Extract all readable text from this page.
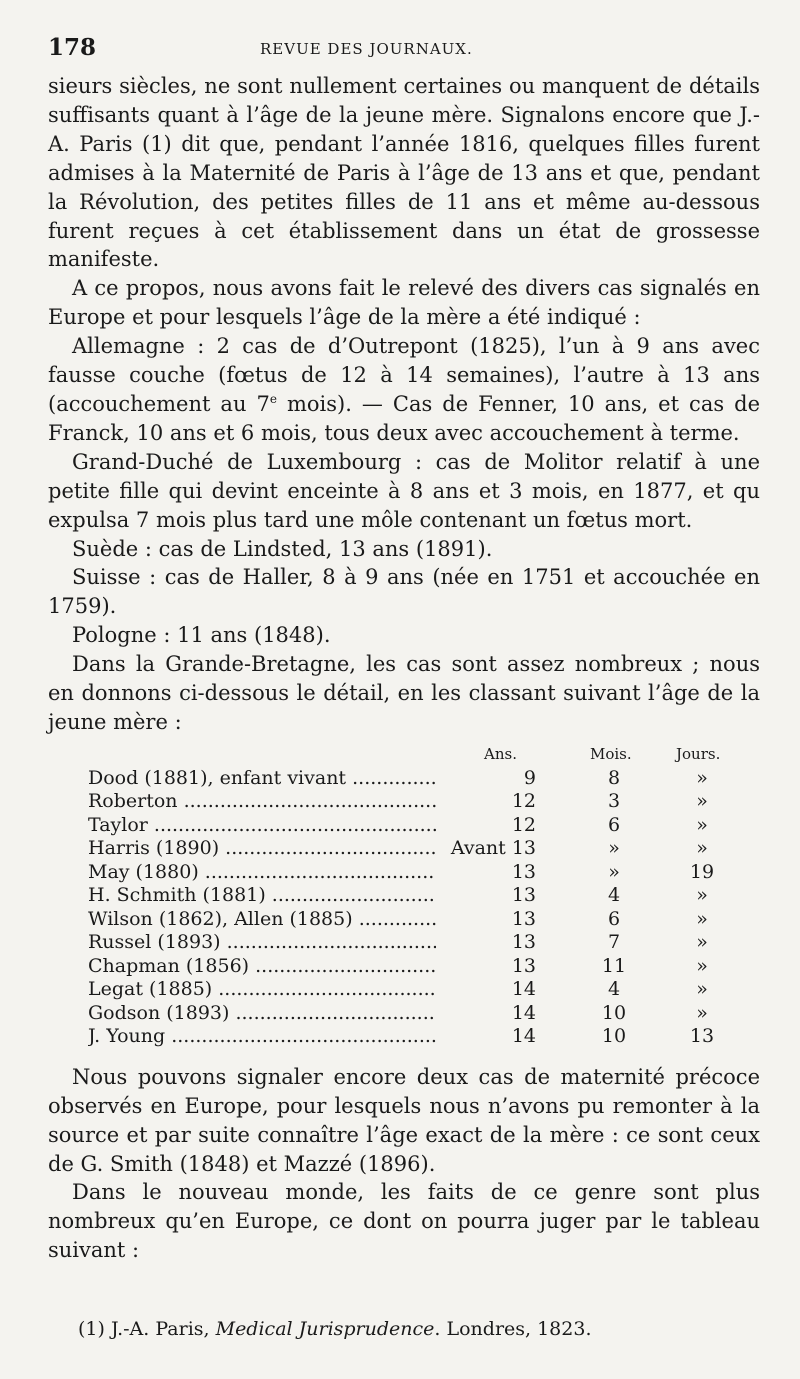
178	REVUE DES JOURNAUX.

sieurs siècles, ne sont nullement certaines ou manquent de détails suffisants quant à l’âge de la jeune mère. Signalons encore que J.-A. Paris (1) dit que, pendant l’année 1816, quelques filles furent admises à la Maternité de Paris à l’âge de 13 ans et que, pendant la Révolution, des petites filles de 11 ans et même au-dessous furent reçues à cet établissement dans un état de grossesse manifeste.

A ce propos, nous avons fait le relevé des divers cas signalés en Europe et pour lesquels l’âge de la mère a été indiqué :

Allemagne : 2 cas de d’Outrepont (1825), l’un à 9 ans avec fausse couche (fœtus de 12 à 14 semaines), l’autre à 13 ans (accouchement au 7e mois). — Cas de Fenner, 10 ans, et cas de Franck, 10 ans et 6 mois, tous deux avec accouchement à terme.

Grand-Duché de Luxembourg : cas de Molitor relatif à une petite fille qui devint enceinte à 8 ans et 3 mois, en 1877, et qu expulsa 7 mois plus tard une môle contenant un fœtus mort.

Suède : cas de Lindsted, 13 ans (1891).

Suisse : cas de Haller, 8 à 9 ans (née en 1751 et accouchée en 1759).

Pologne : 11 ans (1848).

Dans la Grande-Bretagne, les cas sont assez nombreux ; nous en donnons ci-dessous le détail, en les classant suivant l’âge de la jeune mère :

Ans.	Mois.	Jours.
Dood (1881), enfant vivant .....	9	8	»
Roberton .....	12	3	»
Taylor .....	12	6	»
Harris (1890) .....	Avant 13	»	»
May (1880) .....	13	»	19
H. Schmith (1881) .....	13	4	»
Wilson (1862), Allen (1885) .....	13	6	»
Russel (1893) .....	13	7	»
Chapman (1856) .....	13	11	»
Legat (1885) .....	14	4	»
Godson (1893) .....	14	10	»
J. Young .....	14	10	13

Nous pouvons signaler encore deux cas de maternité précoce observés en Europe, pour lesquels nous n’avons pu remonter à la source et par suite connaître l’âge exact de la mère : ce sont ceux de G. Smith (1848) et Mazzé (1896).

Dans le nouveau monde, les faits de ce genre sont plus nombreux qu’en Europe, ce dont on pourra juger par le tableau suivant :

(1) J.-A. Paris, Medical Jurisprudence. Londres, 1823.
